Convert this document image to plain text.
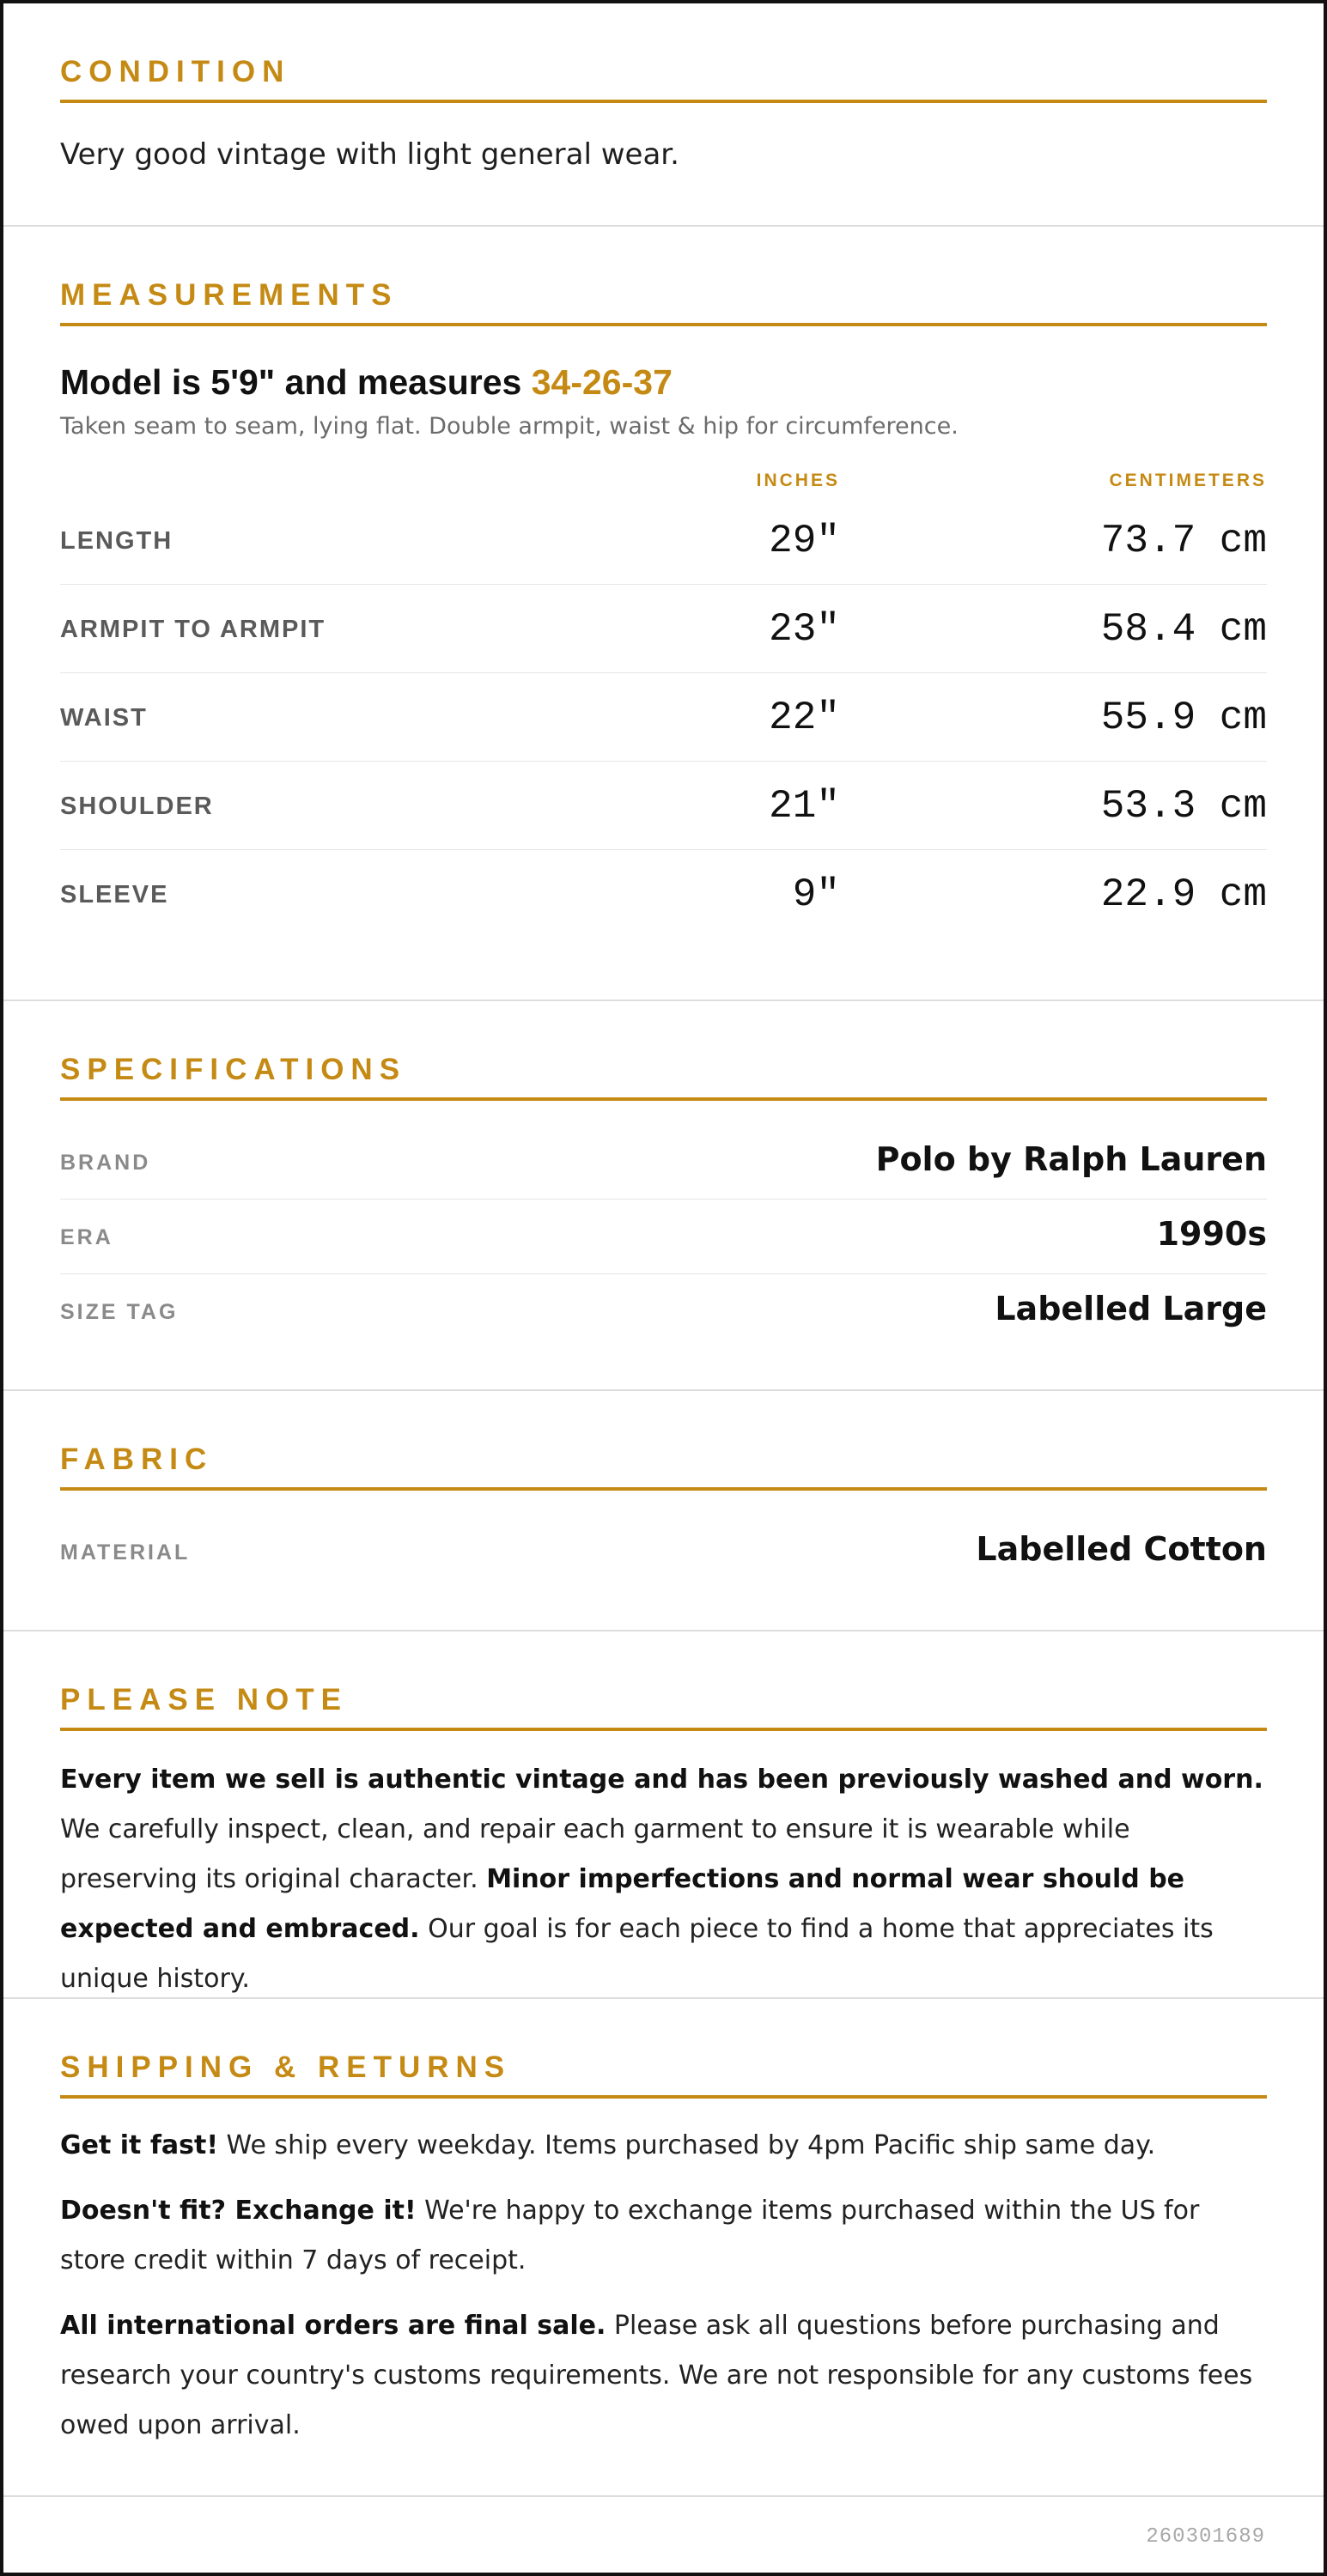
CONDITION
Very good vintage with light general wear.
MEASUREMENTS
Model is 5'9" and measures 34-26-37
Taken seam to seam, lying flat. Double armpit, waist & hip for circumference.
INCHES	CENTIMETERS
LENGTH	29"	73.7 cm
ARMPIT TO ARMPIT	23"	58.4 cm
WAIST	22"	55.9 cm
SHOULDER	21"	53.3 cm
SLEEVE	9"	22.9 cm
SPECIFICATIONS
BRAND	Polo by Ralph Lauren
ERA	1990s
SIZE TAG	Labelled Large
FABRIC
MATERIAL	Labelled Cotton
PLEASE NOTE
Every item we sell is authentic vintage and has been previously washed and worn. We carefully inspect, clean, and repair each garment to ensure it is wearable while preserving its original character. Minor imperfections and normal wear should be expected and embraced. Our goal is for each piece to find a home that appreciates its unique history.
SHIPPING & RETURNS
Get it fast! We ship every weekday. Items purchased by 4pm Pacific ship same day.
Doesn't fit? Exchange it! We're happy to exchange items purchased within the US for store credit within 7 days of receipt.
All international orders are final sale. Please ask all questions before purchasing and research your country's customs requirements. We are not responsible for any customs fees owed upon arrival.
260301689
